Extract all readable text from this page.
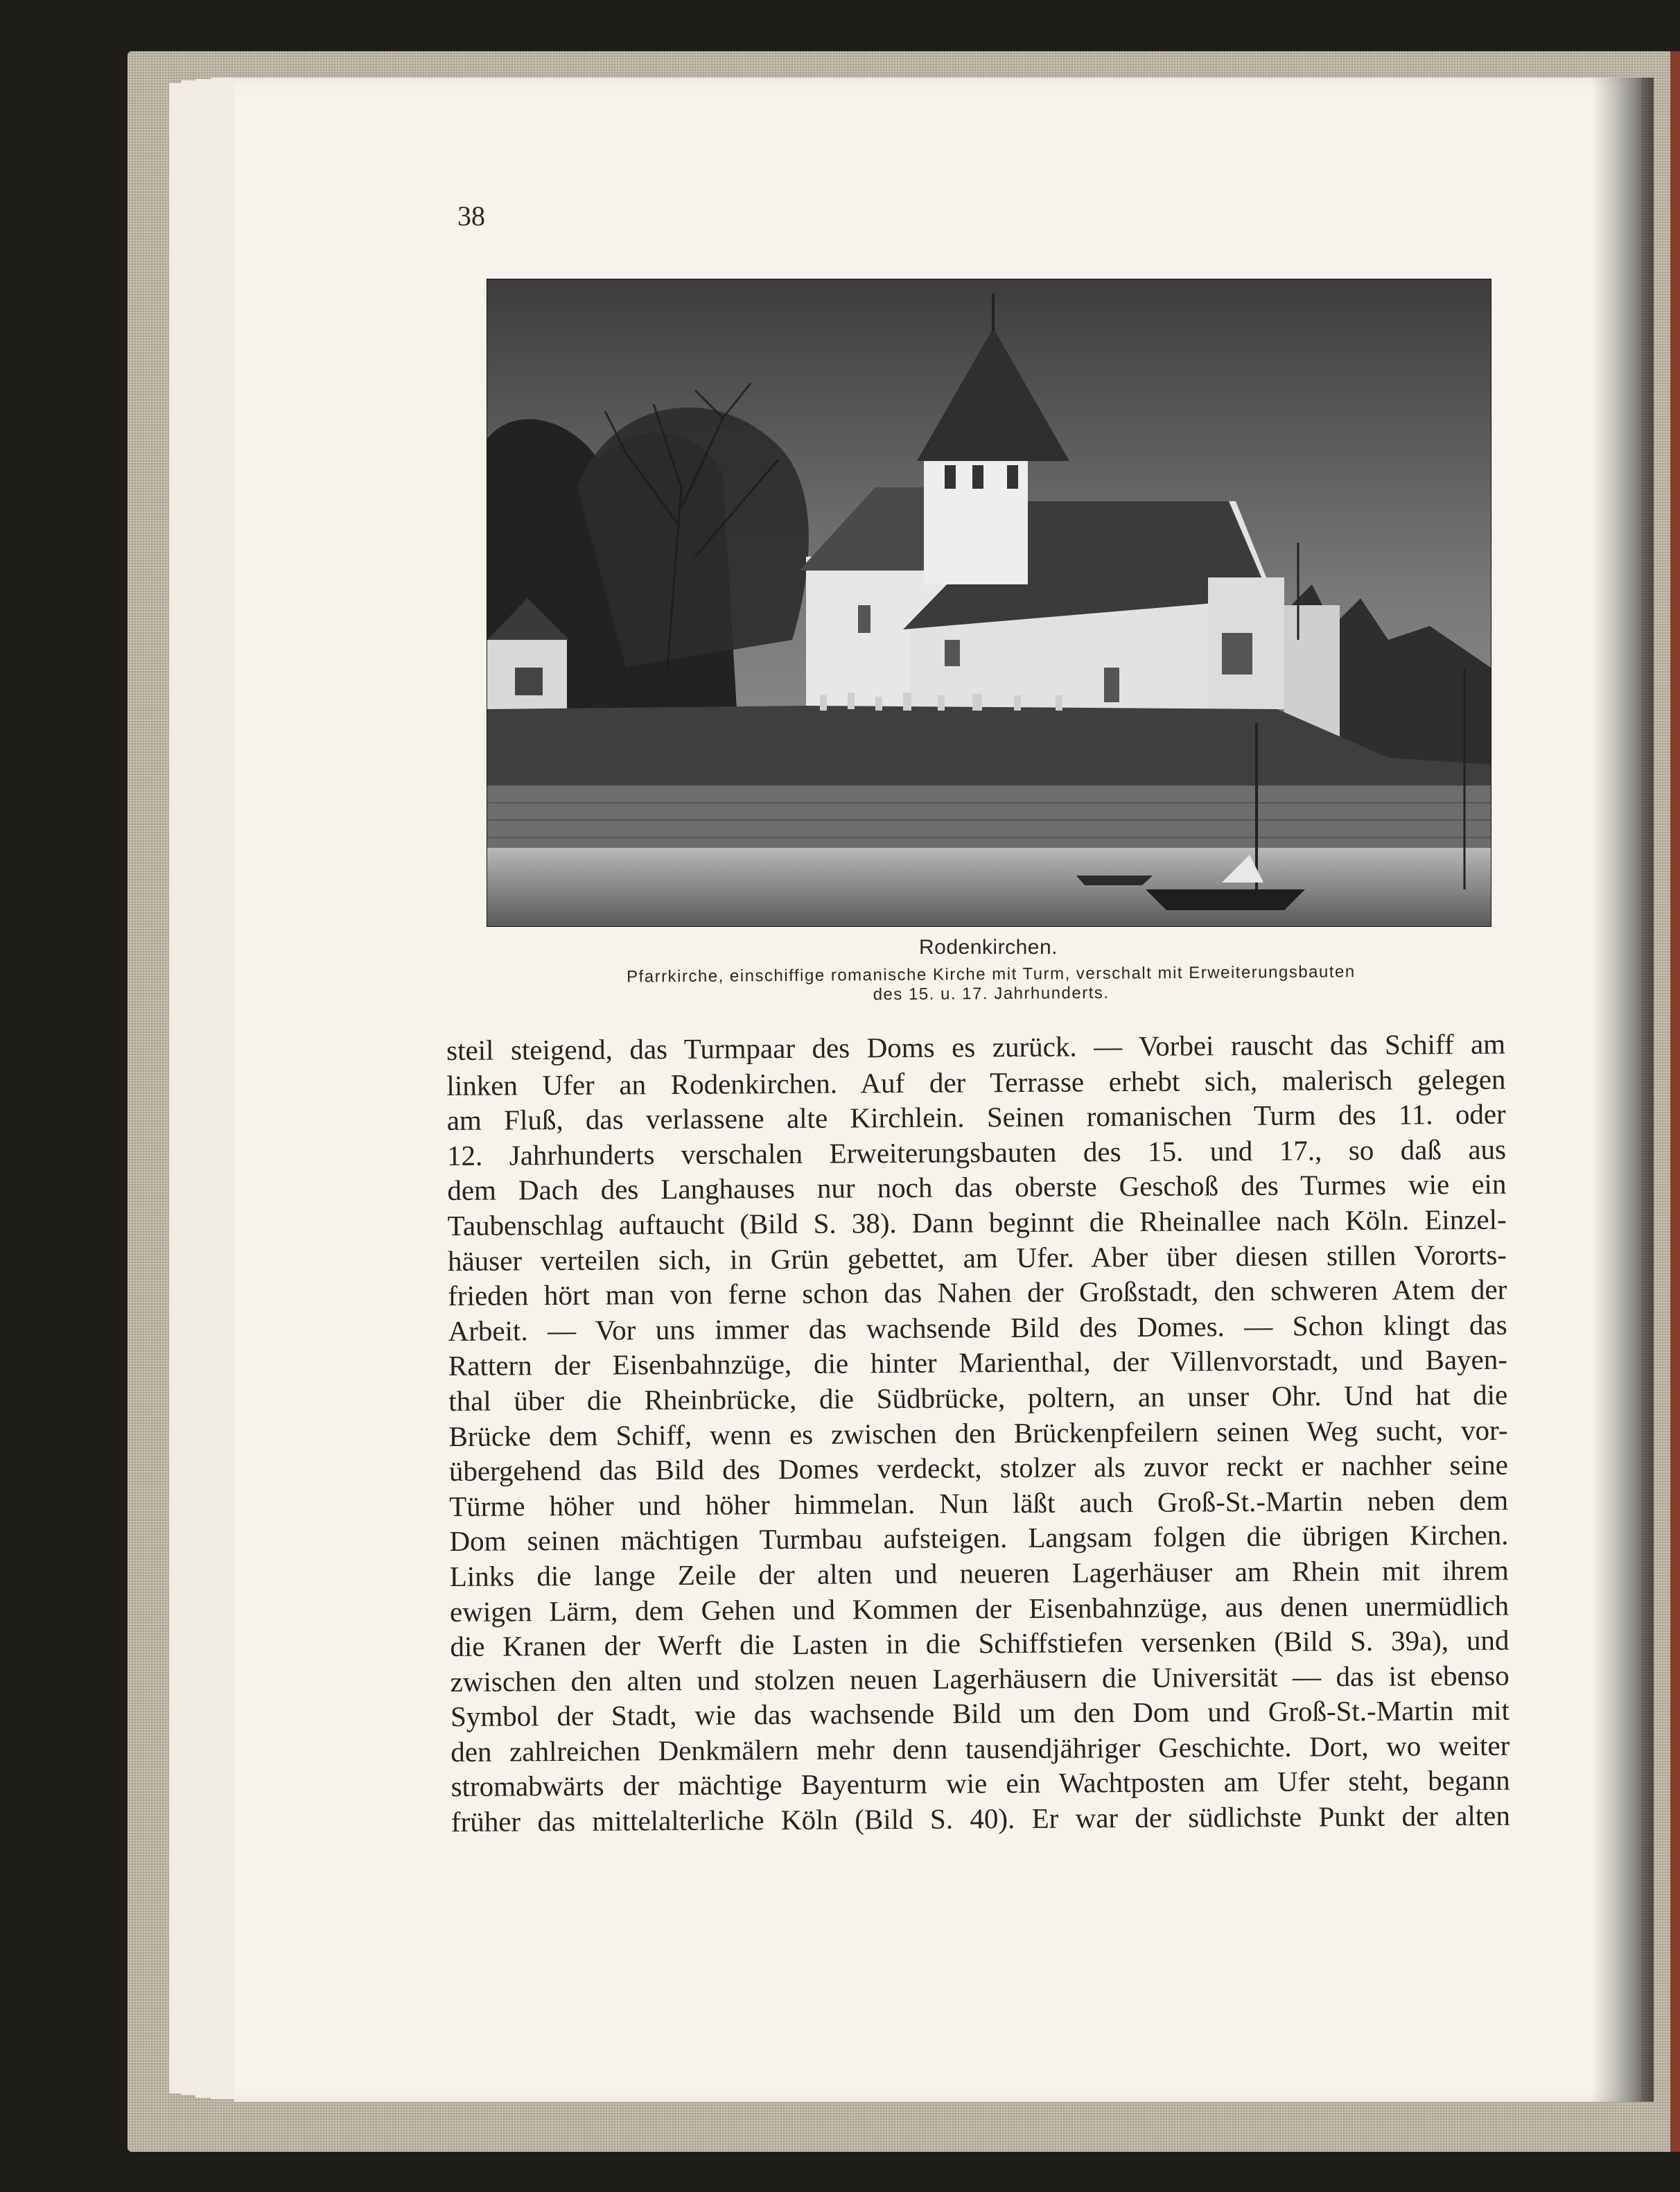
38
Rodenkirchen.
Pfarrkirche, einschiffige romanische Kirche mit Turm, verschalt mit Erweiterungsbauten
des 15. u. 17. Jahrhunderts.
steil steigend, das Turmpaar des Doms es zurück. — Vorbei rauscht das Schiff am
linken Ufer an Rodenkirchen. Auf der Terrasse erhebt sich, malerisch gelegen
am Fluß, das verlassene alte Kirchlein. Seinen romanischen Turm des 11. oder
12. Jahrhunderts verschalen Erweiterungsbauten des 15. und 17., so daß aus
dem Dach des Langhauses nur noch das oberste Geschoß des Turmes wie ein
Taubenschlag auftaucht (Bild S. 38). Dann beginnt die Rheinallee nach Köln. Einzel-
häuser verteilen sich, in Grün gebettet, am Ufer. Aber über diesen stillen Vororts-
frieden hört man von ferne schon das Nahen der Großstadt, den schweren Atem der
Arbeit. — Vor uns immer das wachsende Bild des Domes. — Schon klingt das
Rattern der Eisenbahnzüge, die hinter Marienthal, der Villenvorstadt, und Bayen-
thal über die Rheinbrücke, die Südbrücke, poltern, an unser Ohr. Und hat die
Brücke dem Schiff, wenn es zwischen den Brückenpfeilern seinen Weg sucht, vor-
übergehend das Bild des Domes verdeckt, stolzer als zuvor reckt er nachher seine
Türme höher und höher himmelan. Nun läßt auch Groß-St.-Martin neben dem
Dom seinen mächtigen Turmbau aufsteigen. Langsam folgen die übrigen Kirchen.
Links die lange Zeile der alten und neueren Lagerhäuser am Rhein mit ihrem
ewigen Lärm, dem Gehen und Kommen der Eisenbahnzüge, aus denen unermüdlich
die Kranen der Werft die Lasten in die Schiffstiefen versenken (Bild S. 39a), und
zwischen den alten und stolzen neuen Lagerhäusern die Universität — das ist ebenso
Symbol der Stadt, wie das wachsende Bild um den Dom und Groß-St.-Martin mit
den zahlreichen Denkmälern mehr denn tausendjähriger Geschichte. Dort, wo weiter
stromabwärts der mächtige Bayenturm wie ein Wachtposten am Ufer steht, begann
früher das mittelalterliche Köln (Bild S. 40). Er war der südlichste Punkt der alten
